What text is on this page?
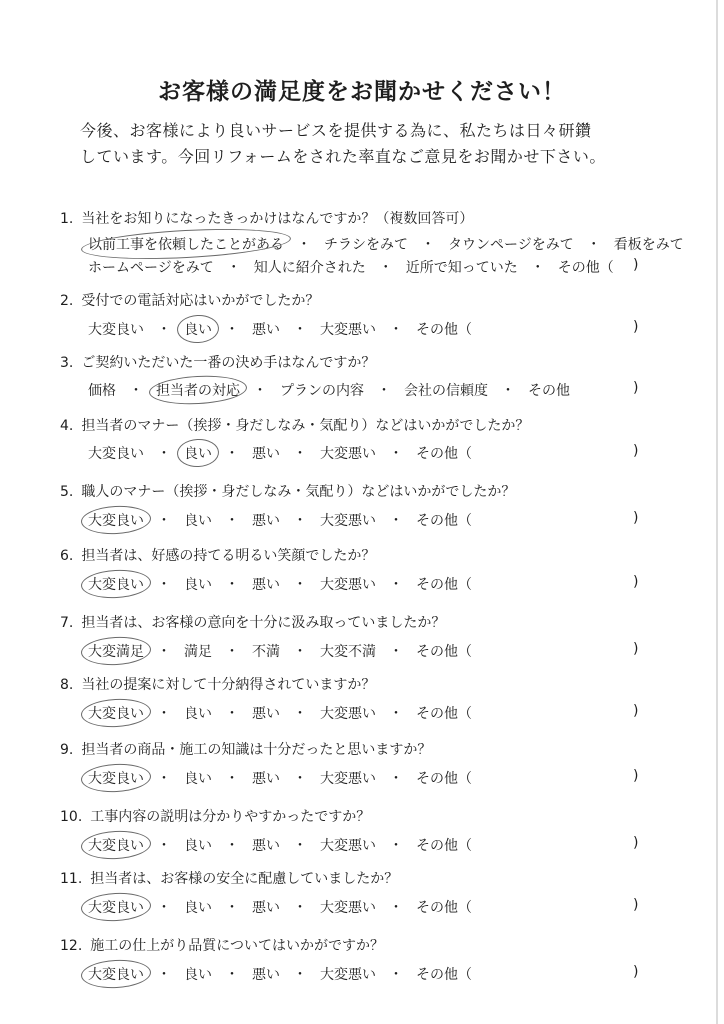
お客様の満足度をお聞かせください！
今後、お客様により良いサービスを提供する為に、私たちは日々研鑽
しています。今回リフォームをされた率直なご意見をお聞かせ下さい。
1. 当社をお知りになったきっかけはなんですか？（複数回答可）
以前工事を依頼したことがある ・ チラシをみて ・ タウンページをみて ・ 看板をみて
ホームページをみて ・ 知人に紹介された ・ 近所で知っていた ・ その他（ )
2. 受付での電話対応はいかがでしたか？
大変良い ・ 良い ・ 悪い ・ 大変悪い ・ その他（	)
3. ご契約いただいた一番の決め手はなんですか？
価格 ・ 担当者の対応 ・ プランの内容 ・ 会社の信頼度 ・ その他	)
4. 担当者のマナー（挨拶・身だしなみ・気配り）などはいかがでしたか？
大変良い ・ 良い ・ 悪い ・ 大変悪い ・ その他（	)
5. 職人のマナー（挨拶・身だしなみ・気配り）などはいかがでしたか？
大変良い ・ 良い ・ 悪い ・ 大変悪い ・ その他（	)
6. 担当者は、好感の持てる明るい笑顔でしたか？
大変良い ・ 良い ・ 悪い ・ 大変悪い ・ その他（	)
7. 担当者は、お客様の意向を十分に汲み取っていましたか？
大変満足 ・ 満足 ・ 不満 ・ 大変不満 ・ その他（	)
8. 当社の提案に対して十分納得されていますか？
大変良い ・ 良い ・ 悪い ・ 大変悪い ・ その他（	)
9. 担当者の商品・施工の知識は十分だったと思いますか？
大変良い ・ 良い ・ 悪い ・ 大変悪い ・ その他（	)
10. 工事内容の説明は分かりやすかったですか？
大変良い ・ 良い ・ 悪い ・ 大変悪い ・ その他（	)
11. 担当者は、お客様の安全に配慮していましたか？
大変良い ・ 良い ・ 悪い ・ 大変悪い ・ その他（	)
12. 施工の仕上がり品質についてはいかがですか？
大変良い ・ 良い ・ 悪い ・ 大変悪い ・ その他（	)
